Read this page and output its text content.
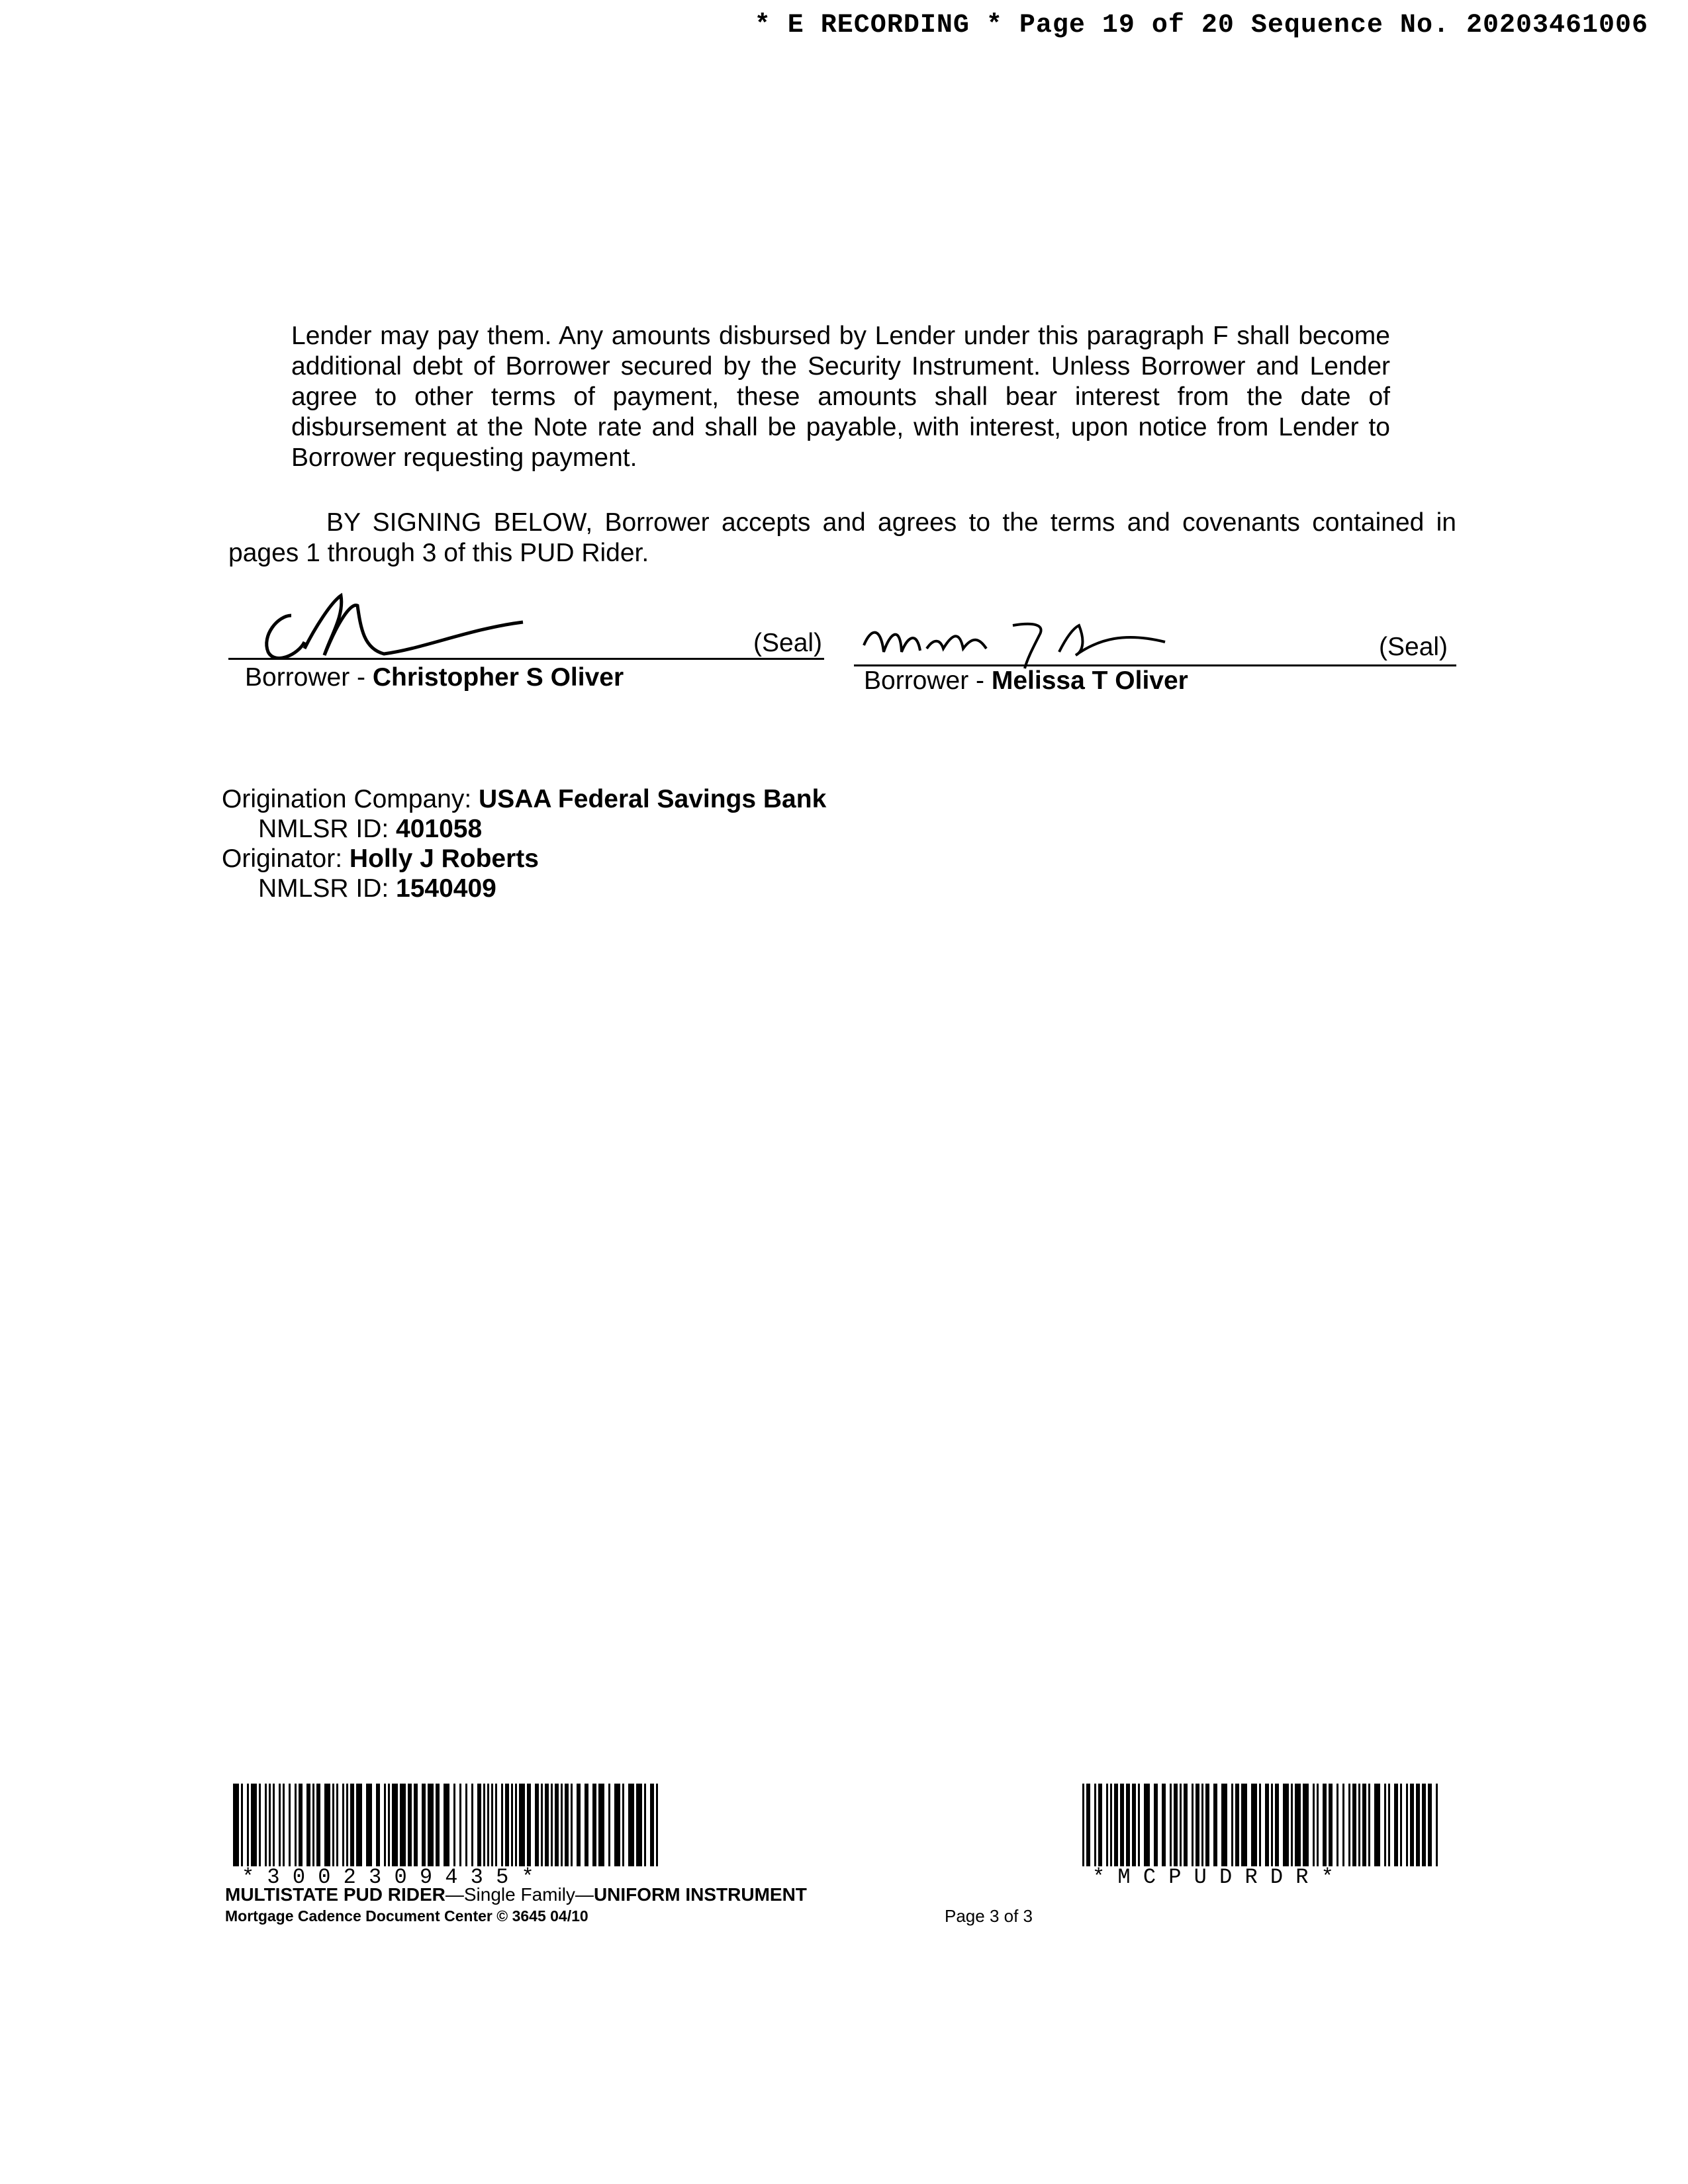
* E RECORDING * Page 19 of 20 Sequence No. 20203461006
Lender may pay them. Any amounts disbursed by Lender under this paragraph F shall become additional debt of Borrower secured by the Security Instrument. Unless Borrower and Lender agree to other terms of payment, these amounts shall bear interest from the date of disbursement at the Note rate and shall be payable, with interest, upon notice from Lender to Borrower requesting payment.
BY SIGNING BELOW, Borrower accepts and agrees to the terms and covenants contained in pages 1 through 3 of this PUD Rider.
(Seal)
Borrower - Christopher S Oliver
(Seal)
Borrower - Melissa T Oliver
Origination Company: USAA Federal Savings Bank
NMLSR ID: 401058
Originator: Holly J Roberts
NMLSR ID: 1540409
* 3 0 0 2 3 0 9 4 3 5 *	* M C P U D R D R *
MULTISTATE PUD RIDER—Single Family—UNIFORM INSTRUMENT
Mortgage Cadence Document Center © 3645 04/10	Page 3 of 3
